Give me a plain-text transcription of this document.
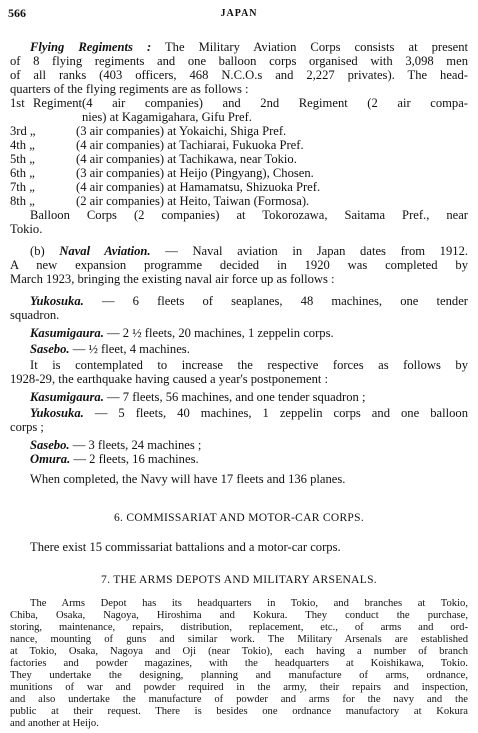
566	JAPAN
Flying Regiments : The Military Aviation Corps consists at present
of 8 flying regiments and one balloon corps organised with 3,098 men
of all ranks (403 officers, 468 N.C.O.s and 2,227 privates). The head-
quarters of the flying regiments are as follows :
1st Regiment(4 air companies) and 2nd Regiment (2 air compa-
nies) at Kagamigahara, Gifu Pref.
3rd „	(3 air companies) at Yokaichi, Shiga Pref.
4th „	(4 air companies) at Tachiarai, Fukuoka Pref.
5th „	(4 air companies) at Tachikawa, near Tokio.
6th „	(3 air companies) at Heijo (Pingyang), Chosen.
7th „	(4 air companies) at Hamamatsu, Shizuoka Pref.
8th „	(2 air companies) at Heito, Taiwan (Formosa).
Balloon Corps (2 companies) at Tokorozawa, Saitama Pref., near
Tokio.
(b) Naval Aviation. — Naval aviation in Japan dates from 1912.
A new expansion programme decided in 1920 was completed by
March 1923, bringing the existing naval air force up as follows :
Yukosuka. — 6 fleets of seaplanes, 48 machines, one tender
squadron.
Kasumigaura. — 2 ½ fleets, 20 machines, 1 zeppelin corps.
Sasebo. — ½ fleet, 4 machines.
It is contemplated to increase the respective forces as follows by
1928-29, the earthquake having caused a year's postponement :
Kasumigaura. — 7 fleets, 56 machines, and one tender squadron ;
Yukosuka. — 5 fleets, 40 machines, 1 zeppelin corps and one balloon
corps ;
Sasebo. — 3 fleets, 24 machines ;
Omura. — 2 fleets, 16 machines.
When completed, the Navy will have 17 fleets and 136 planes.
6. COMMISSARIAT AND MOTOR-CAR CORPS.
There exist 15 commissariat battalions and a motor-car corps.
7. THE ARMS DEPOTS AND MILITARY ARSENALS.
The Arms Depot has its headquarters in Tokio, and branches at Tokio,
Chiba, Osaka, Nagoya, Hiroshima and Kokura. They conduct the purchase,
storing, maintenance, repairs, distribution, replacement, etc., of arms and ord-
nance, mounting of guns and similar work. The Military Arsenals are established
at Tokio, Osaka, Nagoya and Oji (near Tokio), each having a number of branch
factories and powder magazines, with the headquarters at Koishikawa, Tokio.
They undertake the designing, planning and manufacture of arms, ordnance,
munitions of war and powder required in the army, their repairs and inspection,
and also undertake the manufacture of powder and arms for the navy and the
public at their request. There is besides one ordnance manufactory at Kokura
and another at Heijo.
